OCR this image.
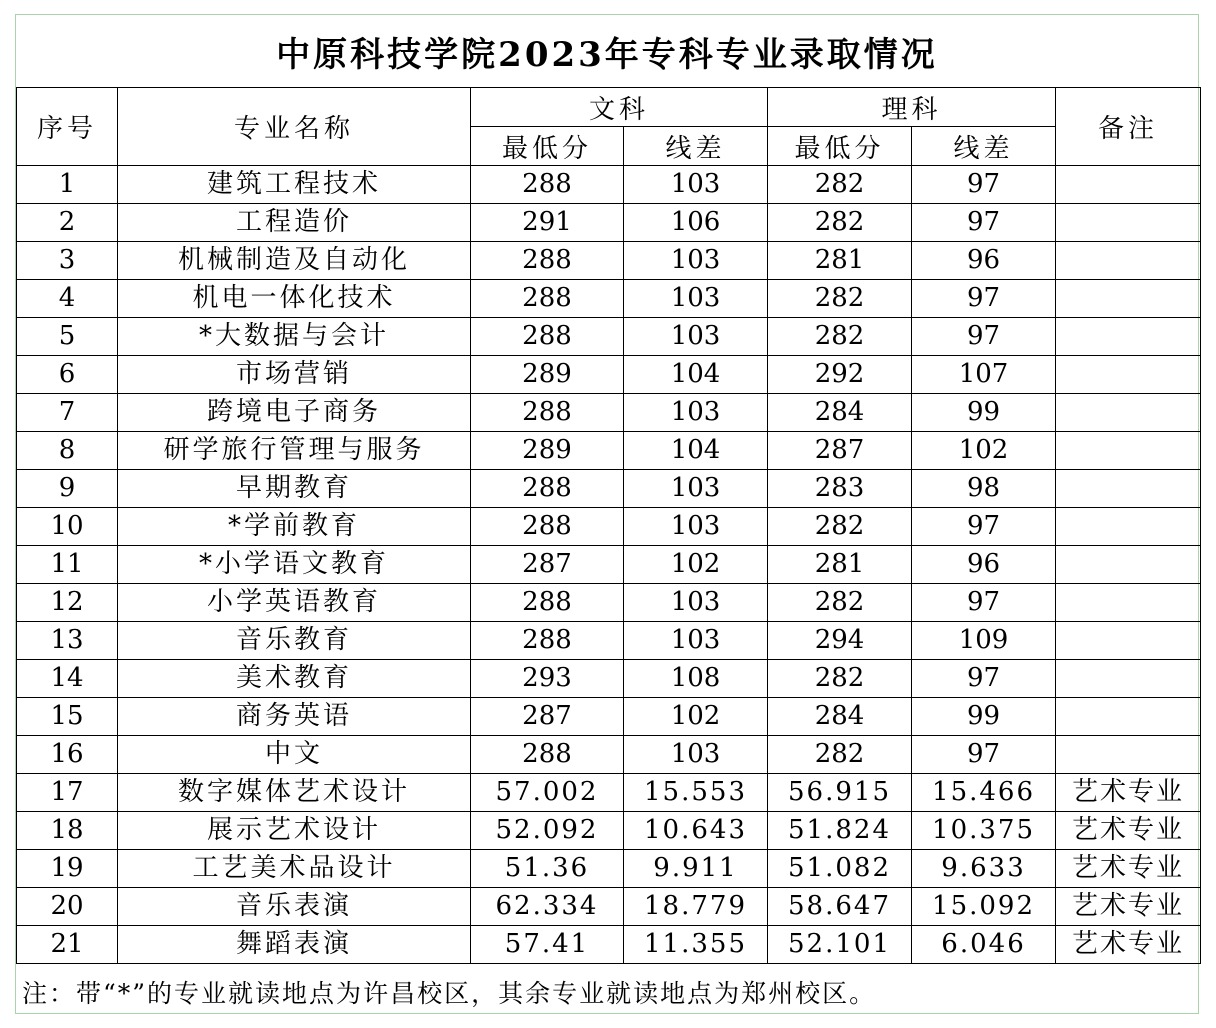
中原科技学院2023年专科专业录取情况
序号	专业名称	文科		理科		备注
		最低分	线差	最低分	线差	
1	建筑工程技术	288	103	282	97	
2	工程造价	291	106	282	97	
3	机械制造及自动化	288	103	281	96	
4	机电一体化技术	288	103	282	97	
5	*大数据与会计	288	103	282	97	
6	市场营销	289	104	292	107	
7	跨境电子商务	288	103	284	99	
8	研学旅行管理与服务	289	104	287	102	
9	早期教育	288	103	283	98	
10	*学前教育	288	103	282	97	
11	*小学语文教育	287	102	281	96	
12	小学英语教育	288	103	282	97	
13	音乐教育	288	103	294	109	
14	美术教育	293	108	282	97	
15	商务英语	287	102	284	99	
16	中文	288	103	282	97	
17	数字媒体艺术设计	57.002	15.553	56.915	15.466	艺术专业
18	展示艺术设计	52.092	10.643	51.824	10.375	艺术专业
19	工艺美术品设计	51.36	9.911	51.082	9.633	艺术专业
20	音乐表演	62.334	18.779	58.647	15.092	艺术专业
21	舞蹈表演	57.41	11.355	52.101	6.046	艺术专业
注：带“*”的专业就读地点为许昌校区，其余专业就读地点为郑州校区。
